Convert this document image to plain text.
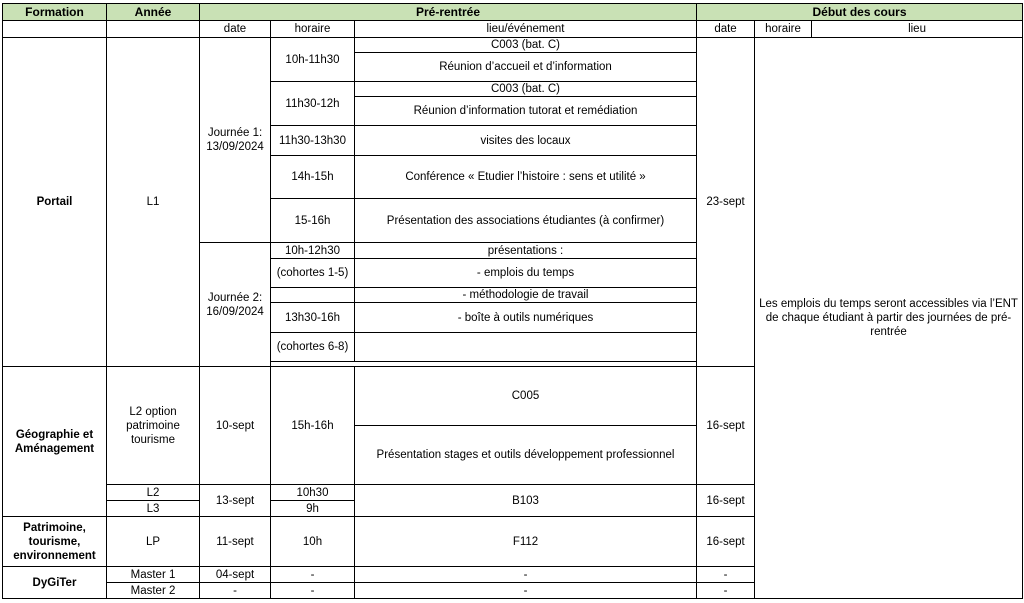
Formation	Année	Pré-rentrée			Début des cours		
		date	horaire	lieu/événement	date	horaire	lieu
Portail	L1	Journée 1: 13/09/2024	10h-11h30	C003 (bat. C)	23-sept	Les emplois du temps seront accessibles via l’ENT de chaque étudiant à partir des journées de pré-rentrée	
				Réunion d’accueil et d’information			
			11h30-12h	C003 (bat. C)			
				Réunion d’information tutorat et remédiation			
			11h30-13h30	visites des locaux			

			14h-15h	Conférence « Etudier l’histoire : sens et utilité »			
			15-16h	Présentation des associations étudiantes (à confirmer)			

		Journée 2: 16/09/2024	10h-12h30	présentations :			
			(cohortes 1-5)	- emplois du temps			
				- méthodologie de travail			
			13h30-16h	- boîte à outils numériques			
			(cohortes 6-8)				

Géographie et Aménagement	L2 option patrimoine tourisme	10-sept	15h-16h	C005	16-sept		
				Présentation stages et outils développement professionnel			
	L2	13-sept	10h30	B103	16-sept		
	L3		9h				
Patrimoine, tourisme, environnement	LP	11-sept	10h	F112	16-sept		
DyGiTer	Master 1	04-sept	-	-	-		
	Master 2	-	-	-	-		
